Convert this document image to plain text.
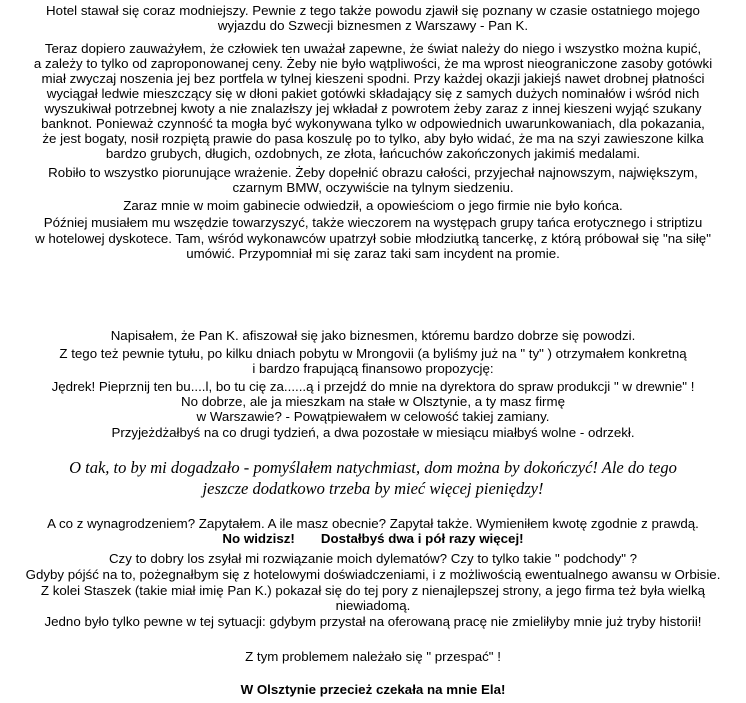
Hotel stawał się coraz modniejszy. Pewnie z tego także powodu zjawił się poznany w czasie ostatniego mojego
wyjazdu do Szwecji biznesmen z Warszawy - Pan K.
Teraz dopiero zauważyłem, że człowiek ten uważał zapewne, że świat należy do niego i wszystko można kupić,
a zależy to tylko od zaproponowanej ceny. Żeby nie było wątpliwości, że ma wprost nieograniczone zasoby gotówki
miał zwyczaj noszenia jej bez portfela w tylnej kieszeni spodni. Przy każdej okazji jakiejś nawet drobnej płatności
wyciągał ledwie mieszczący się w dłoni pakiet gotówki składający się z samych dużych nominałów i wśród nich
wyszukiwał potrzebnej kwoty a nie znalazłszy jej wkładał z powrotem żeby zaraz z innej kieszeni wyjąć szukany
banknot. Ponieważ czynność ta mogła być wykonywana tylko w odpowiednich uwarunkowaniach, dla pokazania,
że jest bogaty, nosił rozpiętą prawie do pasa koszulę po to tylko, aby było widać, że ma na szyi zawieszone kilka
bardzo grubych, długich, ozdobnych, ze złota, łańcuchów zakończonych jakimiś medalami.
Robiło to wszystko piorunujące wrażenie. Żeby dopełnić obrazu całości, przyjechał najnowszym, największym,
czarnym BMW, oczywiście na tylnym siedzeniu.
Zaraz mnie w moim gabinecie odwiedził, a opowieściom o jego firmie nie było końca.
Później musiałem mu wszędzie towarzyszyć, także wieczorem na występach grupy tańca erotycznego i striptizu
w hotelowej dyskotece. Tam, wśród wykonawców upatrzył sobie młodziutką tancerkę, z którą próbował się "na siłę"
umówić. Przypomniał mi się zaraz taki sam incydent na promie.
Napisałem, że Pan K. afiszował się jako biznesmen, któremu bardzo dobrze się powodzi.
Z tego też pewnie tytułu, po kilku dniach pobytu w Mrongovii (a byliśmy już na " ty" ) otrzymałem konkretną
i bardzo frapującą finansowo propozycję:
Jędrek! Pieprznij ten bu....l, bo tu cię za......ą i przejdź do mnie na dyrektora do spraw produkcji " w drewnie" !
No dobrze, ale ja mieszkam na stałe w Olsztynie, a ty masz firmę
w Warszawie? - Powątpiewałem w celowość takiej zamiany.
Przyjeżdżałbyś na co drugi tydzień, a dwa pozostałe w miesiącu miałbyś wolne - odrzekł.
O tak, to by mi dogadzało - pomyślałem natychmiast, dom można by dokończyć! Ale do tego
jeszcze dodatkowo trzeba by mieć więcej pieniędzy!
A co z wynagrodzeniem? Zapytałem. A ile masz obecnie? Zapytał także. Wymieniłem kwotę zgodnie z prawdą.
No widzisz! Dostałbyś dwa i pół razy więcej!
Czy to dobry los zsyłał mi rozwiązanie moich dylematów? Czy to tylko takie " podchody" ?
Gdyby pójść na to, pożegnałbym się z hotelowymi doświadczeniami, i z możliwością ewentualnego awansu w Orbisie.
Z kolei Staszek (takie miał imię Pan K.) pokazał się do tej pory z nienajlepszej strony, a jego firma też była wielką
niewiadomą.
Jedno było tylko pewne w tej sytuacji: gdybym przystał na oferowaną pracę nie zmieliłyby mnie już tryby historii!
Z tym problemem należało się " przespać" !
W Olsztynie przecież czekała na mnie Ela!
